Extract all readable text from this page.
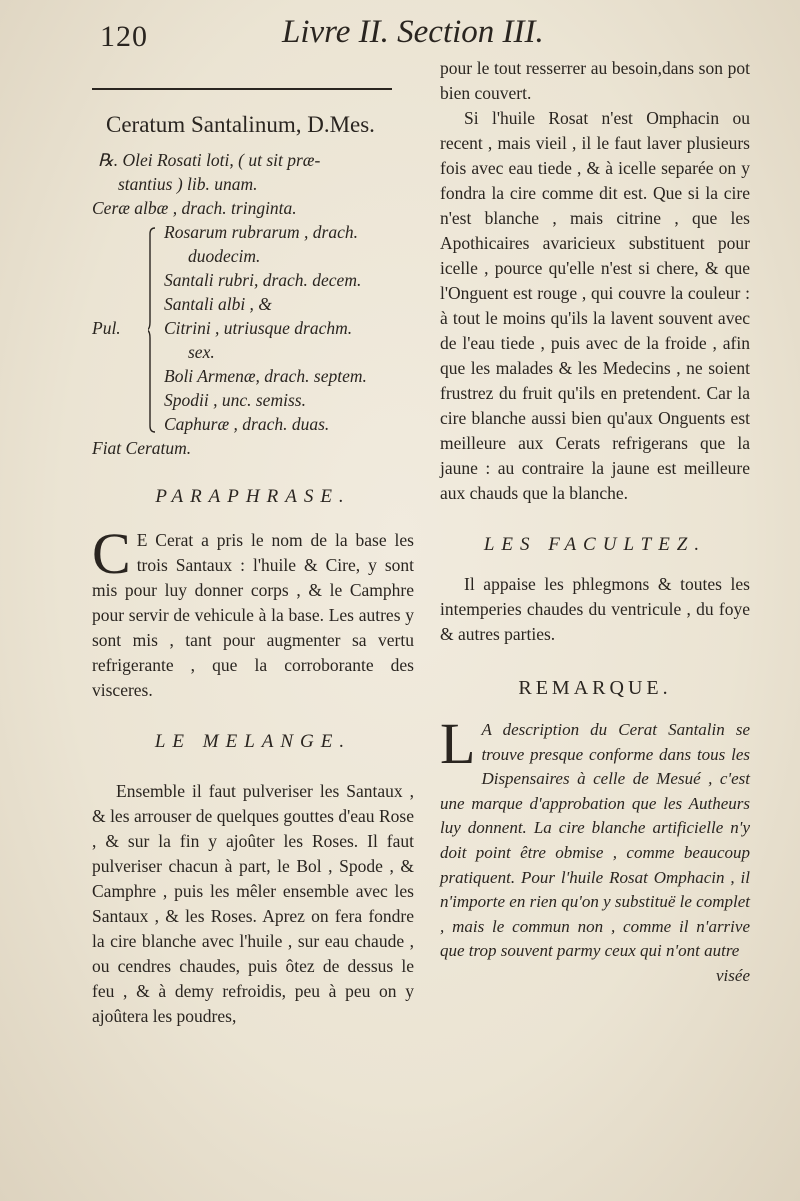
120	Livre II. Section III.
Ceratum Santalinum, D.Mes.
℞. Olei Rosati loti, ( ut sit præ-
stantius ) lib. unam.
Ceræ albæ , drach. tringinta.
Pul.
Rosarum rubrarum , drach.
duodecim.
Santali rubri, drach. decem.
Santali albi , &
Citrini , utriusque drachm.
sex.
Boli Armenæ, drach. septem.
Spodii , unc. semiss.
Caphuræ , drach. duas.
Fiat Ceratum.
PARAPHRASE.
C E Cerat a pris le nom de la base les trois Santaux : l'huile & Cire, y sont mis pour luy donner corps , & le Camphre pour servir de vehicule à la base. Les autres y sont mis , tant pour augmenter sa vertu refrigerante , que la corroborante des visceres.
LE MELANGE.
Ensemble il faut pulveriser les Santaux , & les arrouser de quelques gouttes d'eau Rose , & sur la fin y ajoûter les Roses. Il faut pulveriser chacun à part, le Bol , Spode , & Camphre , puis les mêler ensemble avec les Santaux , & les Roses. Aprez on fera fondre la cire blanche avec l'huile , sur eau chaude , ou cendres chaudes, puis ôtez de dessus le feu , & à demy refroidis, peu à peu on y ajoûtera les poudres,
pour le tout resserrer au besoin,dans son pot bien couvert.
Si l'huile Rosat n'est Omphacin ou recent , mais vieil , il le faut laver plusieurs fois avec eau tiede , & à icelle separée on y fondra la cire comme dit est. Que si la cire n'est blanche , mais citrine , que les Apothicaires avaricieux substituent pour icelle , pource qu'elle n'est si chere, & que l'Onguent est rouge , qui couvre la couleur : à tout le moins qu'ils la lavent souvent avec de l'eau tiede , puis avec de la froide , afin que les malades & les Medecins , ne soient frustrez du fruit qu'ils en pretendent. Car la cire blanche aussi bien qu'aux Onguents est meilleure aux Cerats refrigerans que la jaune : au contraire la jaune est meilleure aux chauds que la blanche.
LES FACULTEZ.
Il appaise les phlegmons & toutes les intemperies chaudes du ventricule , du foye & autres parties.
REMARQUE.
L A description du Cerat Santalin se trouve presque conforme dans tous les Dispensaires à celle de Mesué , c'est une marque d'approbation que les Autheurs luy donnent. La cire blanche artificielle n'y doit point être obmise , comme beaucoup pratiquent. Pour l'huile Rosat Omphacin , il n'importe en rien qu'on y substituë le complet , mais le commun non , comme il n'arrive que trop souvent parmy ceux qui n'ont autre
visée
